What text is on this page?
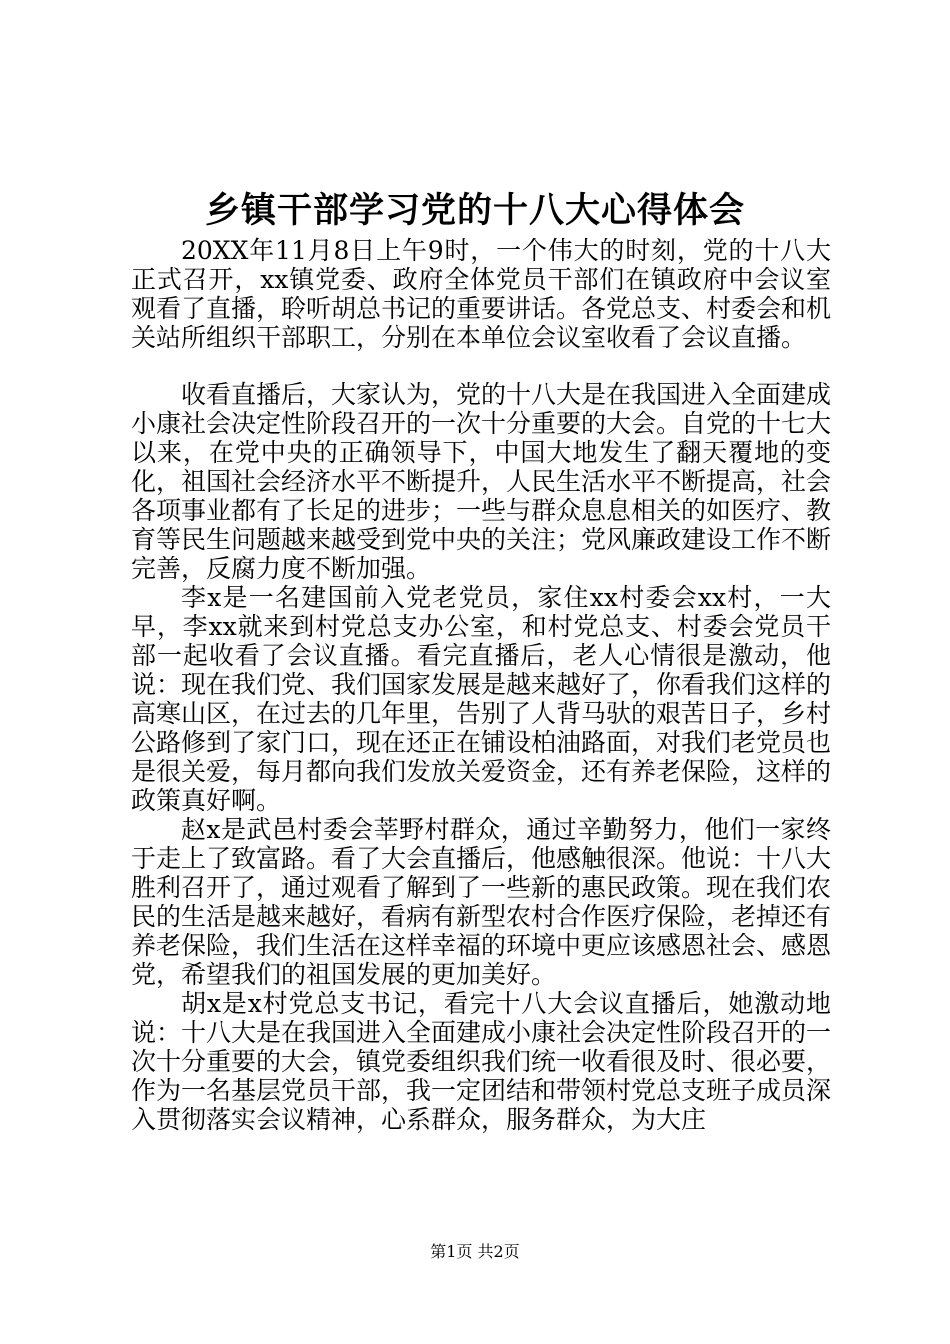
乡镇干部学习党的十八大心得体会

20XX年11月8日上午9时，一个伟大的时刻，党的十八大正式召开，xx镇党委、政府全体党员干部们在镇政府中会议室观看了直播，聆听胡总书记的重要讲话。各党总支、村委会和机关站所组织干部职工，分别在本单位会议室收看了会议直播。

收看直播后，大家认为，党的十八大是在我国进入全面建成小康社会决定性阶段召开的一次十分重要的大会。自党的十七大以来，在党中央的正确领导下，中国大地发生了翻天覆地的变化，祖国社会经济水平不断提升，人民生活水平不断提高，社会各项事业都有了长足的进步；一些与群众息息相关的如医疗、教育等民生问题越来越受到党中央的关注；党风廉政建设工作不断完善，反腐力度不断加强。

李x是一名建国前入党老党员，家住xx村委会xx村，一大早，李xx就来到村党总支办公室，和村党总支、村委会党员干部一起收看了会议直播。看完直播后，老人心情很是激动，他说：现在我们党、我们国家发展是越来越好了，你看我们这样的高寒山区，在过去的几年里，告别了人背马驮的艰苦日子，乡村公路修到了家门口，现在还正在铺设柏油路面，对我们老党员也是很关爱，每月都向我们发放关爱资金，还有养老保险，这样的政策真好啊。

赵x是武邑村委会莘野村群众，通过辛勤努力，他们一家终于走上了致富路。看了大会直播后，他感触很深。他说：十八大胜利召开了，通过观看了解到了一些新的惠民政策。现在我们农民的生活是越来越好，看病有新型农村合作医疗保险，老掉还有养老保险，我们生活在这样幸福的环境中更应该感恩社会、感恩党，希望我们的祖国发展的更加美好。

胡x是x村党总支书记，看完十八大会议直播后，她激动地说：十八大是在我国进入全面建成小康社会决定性阶段召开的一次十分重要的大会，镇党委组织我们统一收看很及时、很必要，作为一名基层党员干部，我一定团结和带领村党总支班子成员深入贯彻落实会议精神，心系群众，服务群众，为大庄

第1页 共2页
